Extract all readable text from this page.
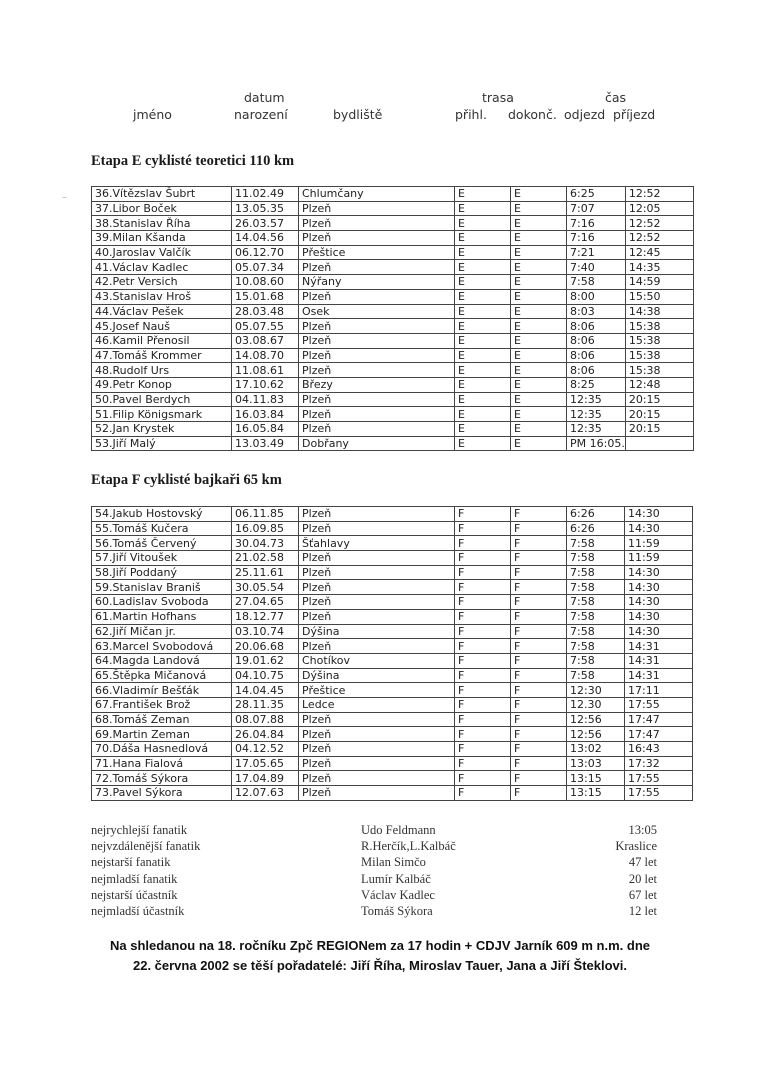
datum	trasa	čas
jméno	narození	bydliště	přihl. dokonč. odjezd příjezd
Etapa E cyklisté teoretici 110 km
36.Vítězslav Šubrt	11.02.49	Chlumčany	E	E	6:25	12:52
37.Libor Boček	13.05.35	Plzeň	E	E	7:07	12:05
38.Stanislav Říha	26.03.57	Plzeň	E	E	7:16	12:52
39.Milan Kšanda	14.04.56	Plzeň	E	E	7:16	12:52
40.Jaroslav Valčík	06.12.70	Přeštice	E	E	7:21	12:45
41.Václav Kadlec	05.07.34	Plzeň	E	E	7:40	14:35
42.Petr Versich	10.08.60	Nýřany	E	E	7:58	14:59
43.Stanislav Hroš	15.01.68	Plzeň	E	E	8:00	15:50
44.Václav Pešek	28.03.48	Osek	E	E	8:03	14:38
45.Josef Nauš	05.07.55	Plzeň	E	E	8:06	15:38
46.Kamil Přenosil	03.08.67	Plzeň	E	E	8:06	15:38
47.Tomáš Krommer	14.08.70	Plzeň	E	E	8:06	15:38
48.Rudolf Urs	11.08.61	Plzeň	E	E	8:06	15:38
49.Petr Konop	17.10.62	Březy	E	E	8:25	12:48
50.Pavel Berdych	04.11.83	Plzeň	E	E	12:35	20:15
51.Filip Königsmark	16.03.84	Plzeň	E	E	12:35	20:15
52.Jan Krystek	16.05.84	Plzeň	E	E	12:35	20:15
53.Jiří Malý	13.03.49	Dobřany	E	E	PM 16:05.	
Etapa F cyklisté bajkaři 65 km
54.Jakub Hostovský	06.11.85	Plzeň	F	F	6:26	14:30
55.Tomáš Kučera	16.09.85	Plzeň	F	F	6:26	14:30
56.Tomáš Červený	30.04.73	Šťahlavy	F	F	7:58	11:59
57.Jiří Vitoušek	21.02.58	Plzeň	F	F	7:58	11:59
58.Jiří Poddaný	25.11.61	Plzeň	F	F	7:58	14:30
59.Stanislav Braniš	30.05.54	Plzeň	F	F	7:58	14:30
60.Ladislav Svoboda	27.04.65	Plzeň	F	F	7:58	14:30
61.Martin Hofhans	18.12.77	Plzeň	F	F	7:58	14:30
62.Jiří Mičan jr.	03.10.74	Dýšina	F	F	7:58	14:30
63.Marcel Svobodová	20.06.68	Plzeň	F	F	7:58	14:31
64.Magda Landová	19.01.62	Chotíkov	F	F	7:58	14:31
65.Štěpka Mičanová	04.10.75	Dýšina	F	F	7:58	14:31
66.Vladimír Bešťák	14.04.45	Přeštice	F	F	12:30	17:11
67.František Brož	28.11.35	Ledce	F	F	12.30	17:55
68.Tomáš Zeman	08.07.88	Plzeň	F	F	12:56	17:47
69.Martin Zeman	26.04.84	Plzeň	F	F	12:56	17:47
70.Dáša Hasnedlová	04.12.52	Plzeň	F	F	13:02	16:43
71.Hana Fialová	17.05.65	Plzeň	F	F	13:03	17:32
72.Tomáš Sýkora	17.04.89	Plzeň	F	F	13:15	17:55
73.Pavel Sýkora	12.07.63	Plzeň	F	F	13:15	17:55
nejrychlejší fanatik	Udo Feldmann	13:05
nejvzdálenější fanatik	R.Herčík,L.Kalbáč	Kraslice
nejstarší fanatik	Milan Simčo	47 let
nejmladší fanatik	Lumír Kalbáč	20 let
nejstarší účastník	Václav Kadlec	67 let
nejmladší účastník	Tomáš Sýkora	12 let
Na shledanou na 18. ročníku Zpč REGIONem za 17 hodin + CDJV Jarník 609 m n.m. dne
22. června 2002 se těší pořadatelé: Jiří Říha, Miroslav Tauer, Jana a Jiří Šteklovi.
–
